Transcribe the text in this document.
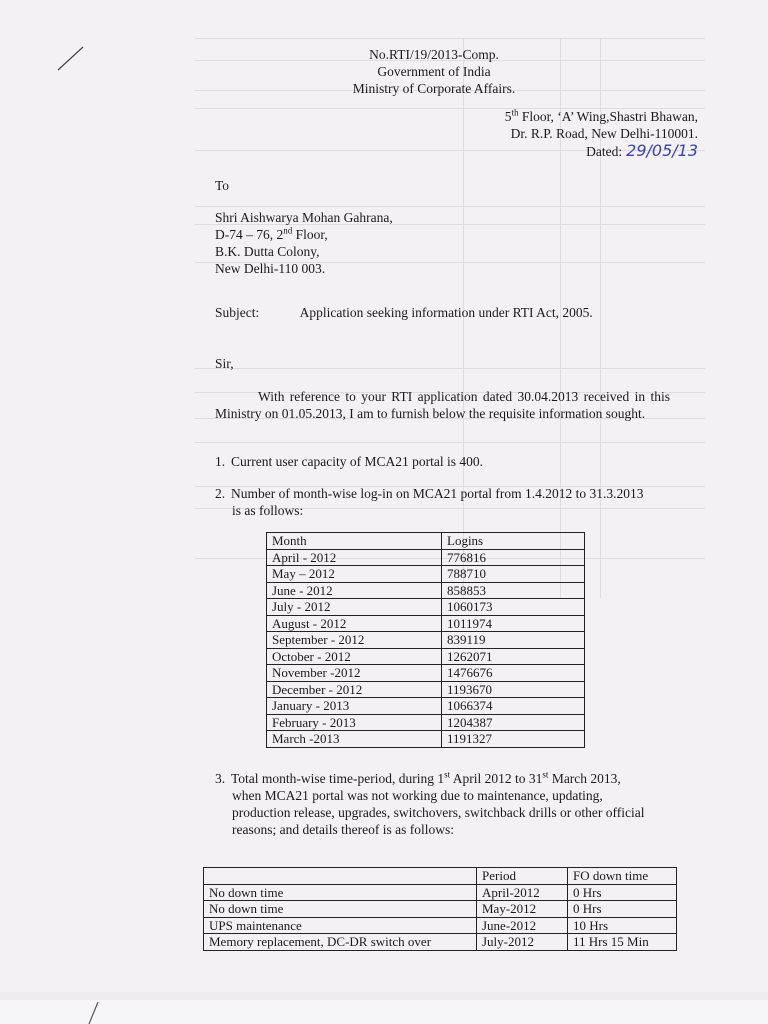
No.RTI/19/2013-Comp.
Government of India
Ministry of Corporate Affairs.
5th Floor, ‘A’ Wing,Shastri Bhawan,
Dr. R.P. Road, New Delhi-110001.
Dated: 29/05/13
To
Shri Aishwarya Mohan Gahrana,
D-74 – 76, 2nd Floor,
B.K. Dutta Colony,
New Delhi-110 003.
Subject:	Application seeking information under RTI Act, 2005.
Sir,
With reference to your RTI application dated 30.04.2013 received in this Ministry on 01.05.2013, I am to furnish below the requisite information sought.
1. Current user capacity of MCA21 portal is 400.
2. Number of month-wise log-in on MCA21 portal from 1.4.2012 to 31.3.2013
is as follows:
Month	Logins
April - 2012	776816
May – 2012	788710
June - 2012	858853
July - 2012	1060173
August - 2012	1011974
September - 2012	839119
October - 2012	1262071
November -2012	1476676
December - 2012	1193670
January - 2013	1066374
February - 2013	1204387
March -2013	1191327
3. Total month-wise time-period, during 1st April 2012 to 31st March 2013,
when MCA21 portal was not working due to maintenance, updating,
production release, upgrades, switchovers, switchback drills or other official
reasons; and details thereof is as follows:
	Period	FO down time
No down time	April-2012	0 Hrs
No down time	May-2012	0 Hrs
UPS maintenance	June-2012	10 Hrs
Memory replacement, DC-DR switch over	July-2012	11 Hrs 15 Min
